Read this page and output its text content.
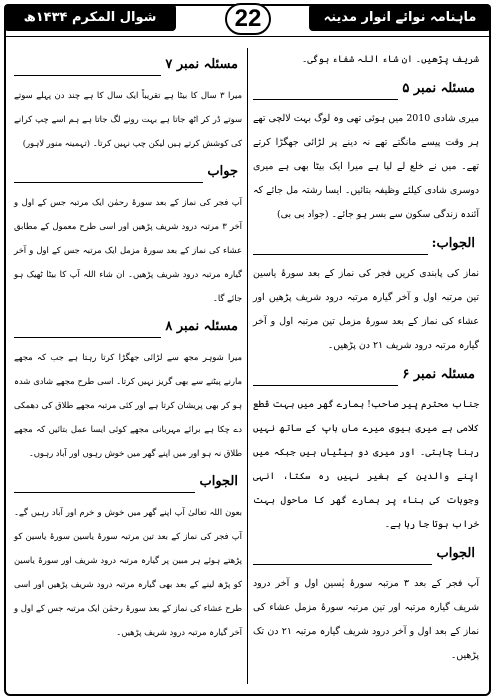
ماہنامہ نوائے انوار مدینہ
22
شوال المکرم ۱۴۳۴ھ

شریف پڑھیں۔ ان شاء اللہ شفاء ہوگی۔

مسئلہ نمبر ۵

میری شادی 2010 میں ہوئی تھی وہ لوگ بہت لالچی تھے ہر وقت پیسے مانگتے تھے نہ دینے پر لڑائی جھگڑا کرتے تھے۔ میں نے خلع لے لیا ہے میرا ایک بیٹا بھی ہے میری دوسری شادی کیلئے وظیفہ بتائیں۔ ایسا رشتہ مل جائے کہ آئندہ زندگی سکون سے بسر ہو جائے۔ (جواد بی بی)

الجواب:

نماز کی پابندی کریں فجر کی نماز کے بعد سورۂ یاسین تین مرتبہ اول و آخر گیارہ مرتبہ درود شریف پڑھیں اور عشاء کی نماز کے بعد سورۂ مزمل تین مرتبہ اول و آخر گیارہ مرتبہ درود شریف ۲۱ دن پڑھیں۔

مسئلہ نمبر ۶

جناب محترم پیر صاحب! ہمارے گھر میں بہت قطع کلامی ہے میری بیوی میرے ماں باپ کے ساتھ نہیں رہنا چاہتی۔ اور میری دو بیٹیاں ہیں جبکہ میں اپنے والدین کے بغیر نہیں رہ سکتا، انہی وجوہات کی بناء پر ہمارے گھر کا ماحول بہت خراب ہوتا جا رہا ہے۔

الجواب

آپ فجر کے بعد ۳ مرتبہ سورۂ یٰسین اول و آخر درود شریف گیارہ مرتبہ اور تین مرتبہ سورۂ مزمل عشاء کی نماز کے بعد اول و آخر درود شریف گیارہ مرتبہ ۲۱ دن تک پڑھیں۔

مسئلہ نمبر ۷

میرا ۳ سال کا بیٹا ہے تقریباً ایک سال کا ہے چند دن پہلے سوتے سوتے ڈر کر اٹھ جاتا ہے بہت رونے لگ جاتا ہے ہم اسے چپ کرانے کی کوشش کرتے ہیں لیکن چپ نہیں کرتا۔ (تہمینہ منور لاہور)

جواب

آپ فجر کی نماز کے بعد سورۂ رحمٰن ایک مرتبہ جس کے اول و آخر ۳ مرتبہ درود شریف پڑھیں اور اسی طرح معمول کے مطابق عشاء کی نماز کے بعد سورۂ مزمل ایک مرتبہ جس کے اول و آخر گیارہ مرتبہ درود شریف پڑھیں۔ ان شاء اللہ آپ کا بیٹا ٹھیک ہو جائے گا۔

مسئلہ نمبر ۸

میرا شوہر مجھ سے لڑائی جھگڑا کرتا رہتا ہے جب کہ مجھے مارنے پیٹنے سے بھی گریز نہیں کرتا۔ اسی طرح مجھے شادی شدہ ہو کر بھی پریشان کرتا ہے اور کئی مرتبہ مجھے طلاق کی دھمکی دے چکا ہے برائے مہربانی مجھے کوئی ایسا عمل بتائیں کہ مجھے طلاق نہ ہو اور میں اپنے گھر میں خوش رہوں اور آباد رہوں۔

الجواب

بعون اللہ تعالیٰ آپ اپنے گھر میں خوش و خرم اور آباد رہیں گے۔ آپ فجر کی نماز کے بعد تین مرتبہ سورۂ یاسین سورۂ یاسین کو پڑھتے ہوئے ہر مبین پر گیارہ مرتبہ درود شریف اور سورۂ یاسین کو پڑھ لینے کے بعد بھی گیارہ مرتبہ درود شریف پڑھیں اور اسی طرح عشاء کی نماز کے بعد سورۂ رحمٰن ایک مرتبہ جس کے اول و آخر گیارہ مرتبہ درود شریف پڑھیں۔
